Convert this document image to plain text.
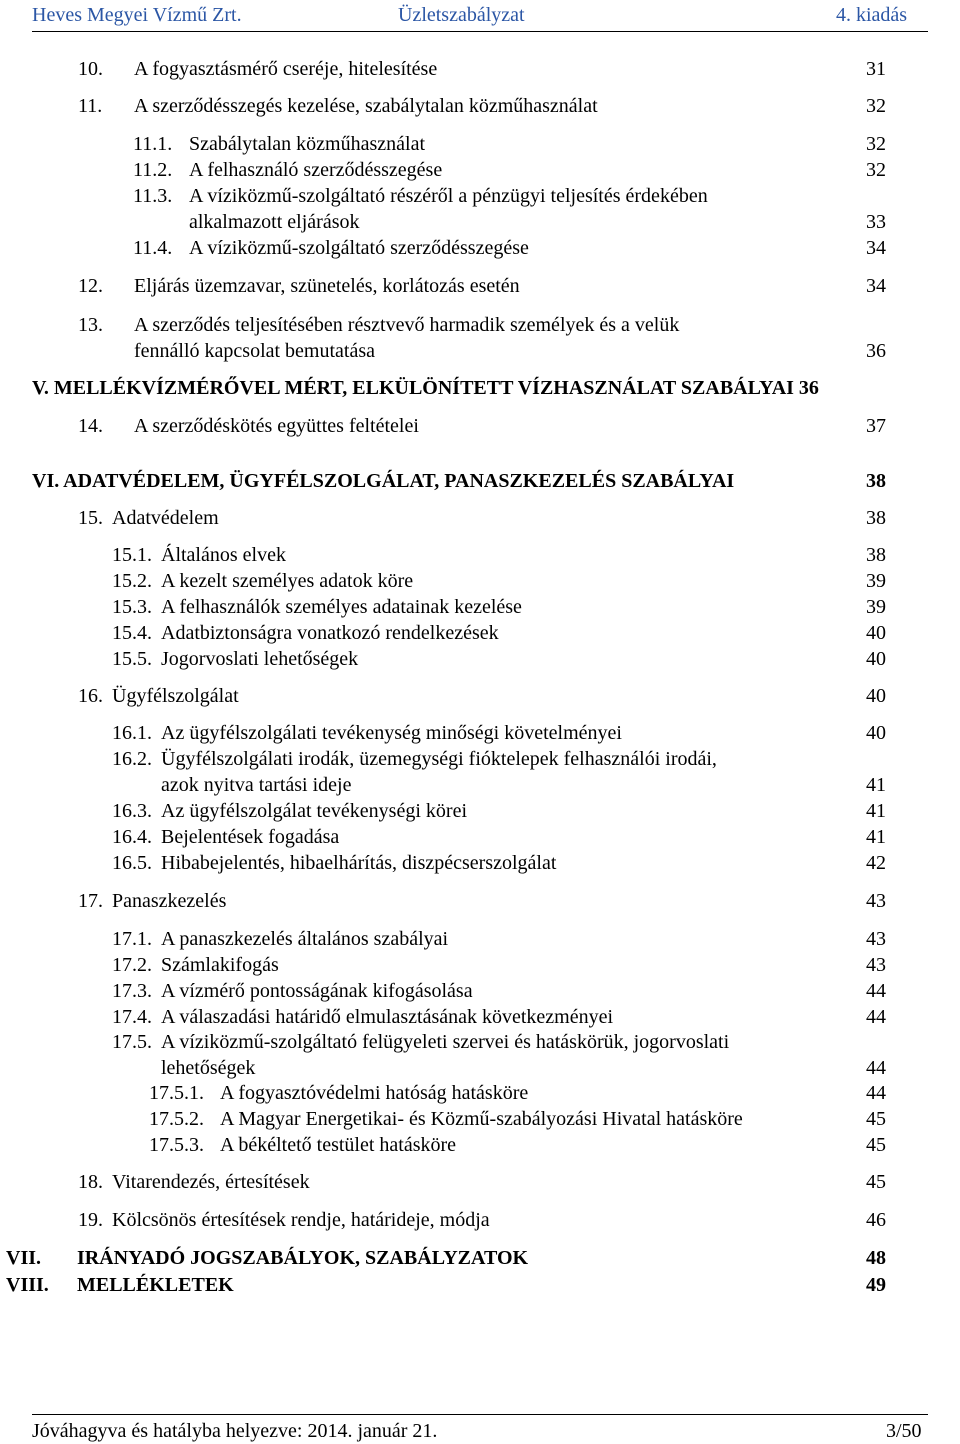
Heves Megyei Vízmű Zrt.	Üzletszabályzat	4. kiadás
10. A fogyasztásmérő cseréje, hitelesítése	31
11. A szerződésszegés kezelése, szabálytalan közműhasználat	32
11.1. Szabálytalan közműhasználat	32
11.2. A felhasználó szerződésszegése	32
11.3. A víziközmű-szolgáltató részéről a pénzügyi teljesítés érdekében
alkalmazott eljárások	33
11.4. A víziközmű-szolgáltató szerződésszegése	34
12. Eljárás üzemzavar, szünetelés, korlátozás esetén	34
13. A szerződés teljesítésében résztvevő harmadik személyek és a velük
fennálló kapcsolat bemutatása	36
V. MELLÉKVÍZMÉRŐVEL MÉRT, ELKÜLÖNÍTETT VÍZHASZNÁLAT SZABÁLYAI 36
14. A szerződéskötés együttes feltételei	37
VI. ADATVÉDELEM, ÜGYFÉLSZOLGÁLAT, PANASZKEZELÉS SZABÁLYAI	38
15. Adatvédelem	38
15.1. Általános elvek	38
15.2. A kezelt személyes adatok köre	39
15.3. A felhasználók személyes adatainak kezelése	39
15.4. Adatbiztonságra vonatkozó rendelkezések	40
15.5. Jogorvoslati lehetőségek	40
16. Ügyfélszolgálat	40
16.1. Az ügyfélszolgálati tevékenység minőségi követelményei	40
16.2. Ügyfélszolgálati irodák, üzemegységi fióktelepek felhasználói irodái,
azok nyitva tartási ideje	41
16.3. Az ügyfélszolgálat tevékenységi körei	41
16.4. Bejelentések fogadása	41
16.5. Hibabejelentés, hibaelhárítás, diszpécserszolgálat	42
17. Panaszkezelés	43
17.1. A panaszkezelés általános szabályai	43
17.2. Számlakifogás	43
17.3. A vízmérő pontosságának kifogásolása	44
17.4. A válaszadási határidő elmulasztásának következményei	44
17.5. A víziközmű-szolgáltató felügyeleti szervei és hatáskörük, jogorvoslati
lehetőségek	44
17.5.1. A fogyasztóvédelmi hatóság hatásköre	44
17.5.2. A Magyar Energetikai- és Közmű-szabályozási Hivatal hatásköre	45
17.5.3. A békéltető testület hatásköre	45
18. Vitarendezés, értesítések	45
19. Kölcsönös értesítések rendje, határideje, módja	46
VII. IRÁNYADÓ JOGSZABÁLYOK, SZABÁLYZATOK	48
VIII. MELLÉKLETEK	49
Jóváhagyva és hatályba helyezve: 2014. január 21.	3/50
